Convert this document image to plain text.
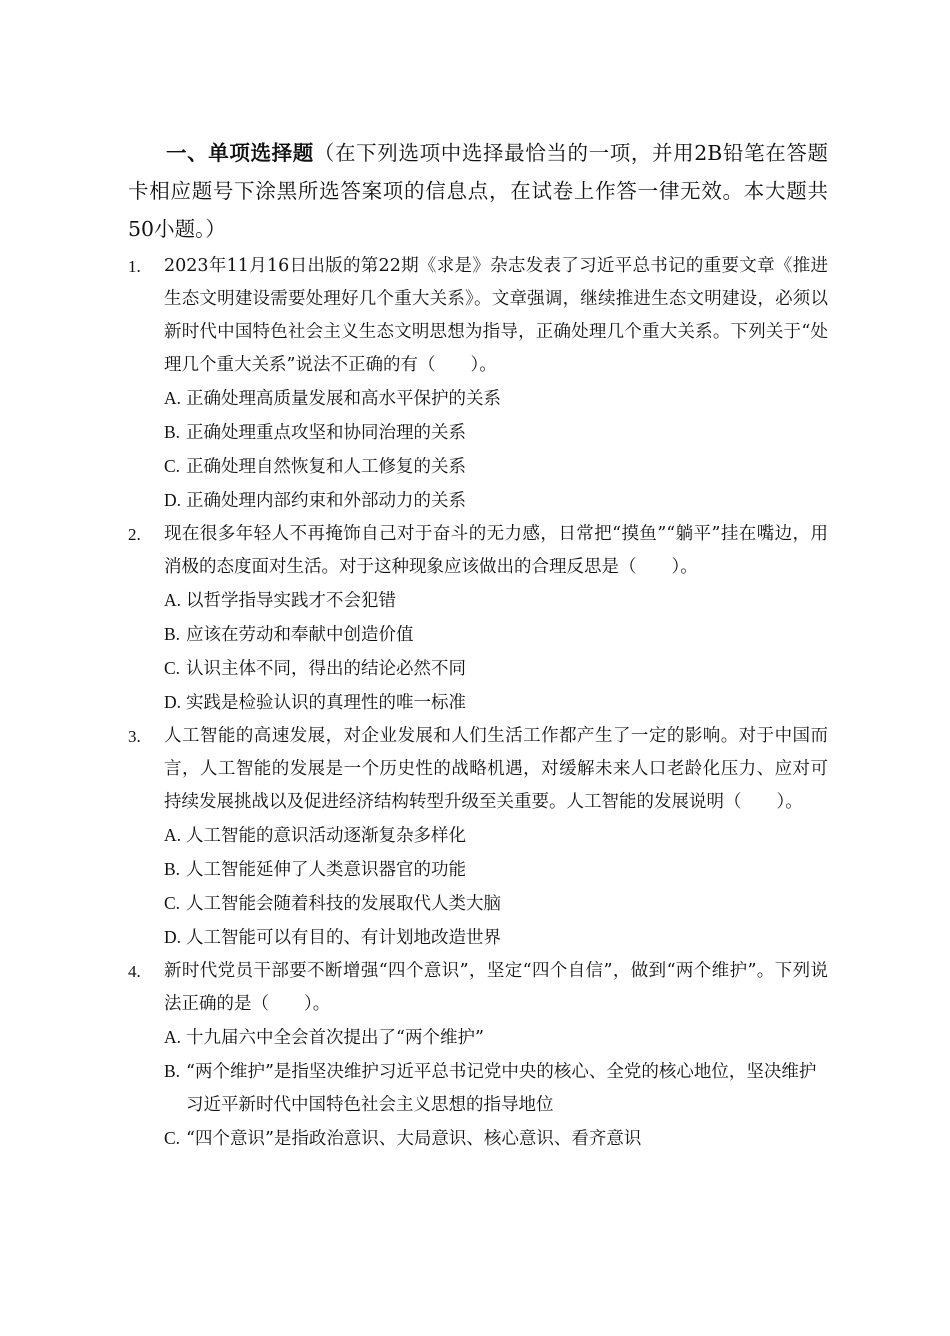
一、单项选择题（在下列选项中选择最恰当的一项，并用2B铅笔在答题卡相应题号下涂黑所选答案项的信息点，在试卷上作答一律无效。本大题共50小题。）
1. 2023年11月16日出版的第22期《求是》杂志发表了习近平总书记的重要文章《推进生态文明建设需要处理好几个重大关系》。文章强调，继续推进生态文明建设，必须以新时代中国特色社会主义生态文明思想为指导，正确处理几个重大关系。下列关于“处理几个重大关系”说法不正确的有（　　）。
A. 正确处理高质量发展和高水平保护的关系
B. 正确处理重点攻坚和协同治理的关系
C. 正确处理自然恢复和人工修复的关系
D. 正确处理内部约束和外部动力的关系
2. 现在很多年轻人不再掩饰自己对于奋斗的无力感，日常把“摸鱼”“躺平”挂在嘴边，用消极的态度面对生活。对于这种现象应该做出的合理反思是（　　）。
A. 以哲学指导实践才不会犯错
B. 应该在劳动和奉献中创造价值
C. 认识主体不同，得出的结论必然不同
D. 实践是检验认识的真理性的唯一标准
3. 人工智能的高速发展，对企业发展和人们生活工作都产生了一定的影响。对于中国而言，人工智能的发展是一个历史性的战略机遇，对缓解未来人口老龄化压力、应对可持续发展挑战以及促进经济结构转型升级至关重要。人工智能的发展说明（　　）。
A. 人工智能的意识活动逐渐复杂多样化
B. 人工智能延伸了人类意识器官的功能
C. 人工智能会随着科技的发展取代人类大脑
D. 人工智能可以有目的、有计划地改造世界
4. 新时代党员干部要不断增强“四个意识”，坚定“四个自信”，做到“两个维护”。下列说法正确的是（　　）。
A. 十九届六中全会首次提出了“两个维护”
B. “两个维护”是指坚决维护习近平总书记党中央的核心、全党的核心地位，坚决维护习近平新时代中国特色社会主义思想的指导地位
C. “四个意识”是指政治意识、大局意识、核心意识、看齐意识
